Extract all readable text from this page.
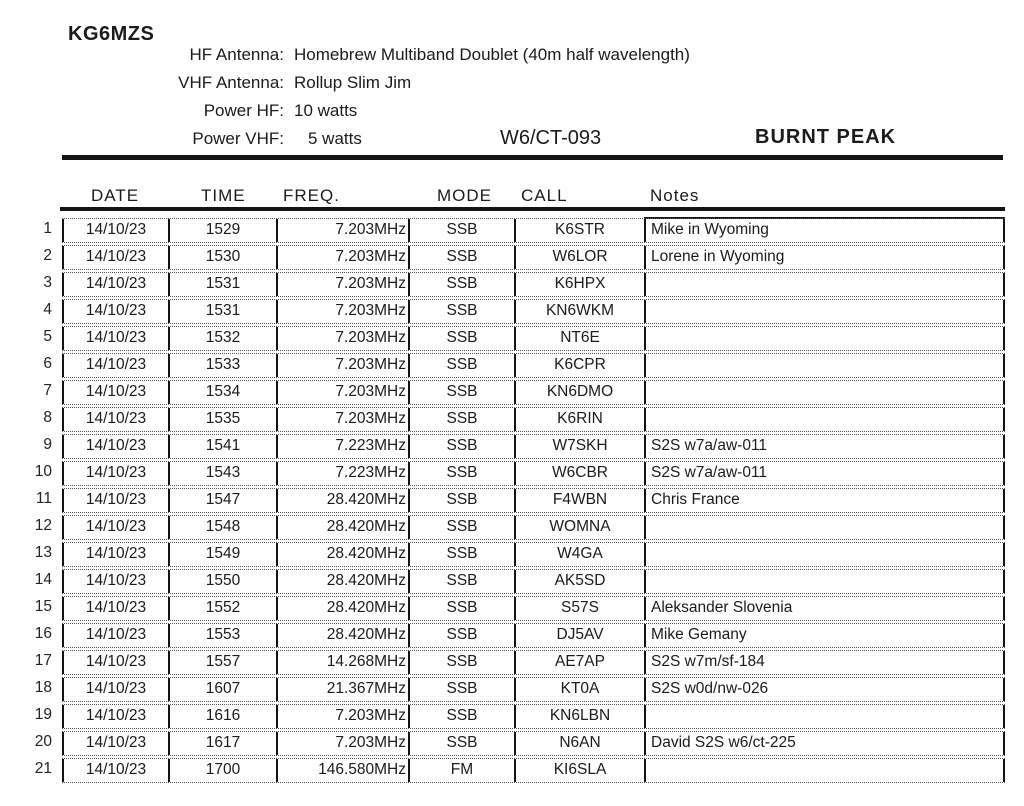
KG6MZS
HF Antenna: Homebrew Multiband Doublet (40m half wavelength)
VHF Antenna: Rollup Slim Jim
Power HF: 10 watts
Power VHF: 5 watts	W6/CT-093	BURNT PEAK
DATE	TIME FREQ.	MODE CALL	Notes
1	14/10/23	1529	7.203MHz	SSB	K6STR	Mike in Wyoming
2	14/10/23	1530	7.203MHz	SSB	W6LOR	Lorene in Wyoming
3	14/10/23	1531	7.203MHz	SSB	K6HPX
4	14/10/23	1531	7.203MHz	SSB	KN6WKM
5	14/10/23	1532	7.203MHz	SSB	NT6E
6	14/10/23	1533	7.203MHz	SSB	K6CPR
7	14/10/23	1534	7.203MHz	SSB	KN6DMO
8	14/10/23	1535	7.203MHz	SSB	K6RIN
9	14/10/23	1541	7.223MHz	SSB	W7SKH	S2S w7a/aw-011
10	14/10/23	1543	7.223MHz	SSB	W6CBR	S2S w7a/aw-011
11	14/10/23	1547	28.420MHz	SSB	F4WBN	Chris France
12	14/10/23	1548	28.420MHz	SSB	WOMNA
13	14/10/23	1549	28.420MHz	SSB	W4GA
14	14/10/23	1550	28.420MHz	SSB	AK5SD
15	14/10/23	1552	28.420MHz	SSB	S57S	Aleksander Slovenia
16	14/10/23	1553	28.420MHz	SSB	DJ5AV	Mike Gemany
17	14/10/23	1557	14.268MHz	SSB	AE7AP	S2S w7m/sf-184
18	14/10/23	1607	21.367MHz	SSB	KT0A	S2S w0d/nw-026
19	14/10/23	1616	7.203MHz	SSB	KN6LBN
20	14/10/23	1617	7.203MHz	SSB	N6AN	David S2S w6/ct-225
21	14/10/23	1700	146.580MHz	FM	KI6SLA
